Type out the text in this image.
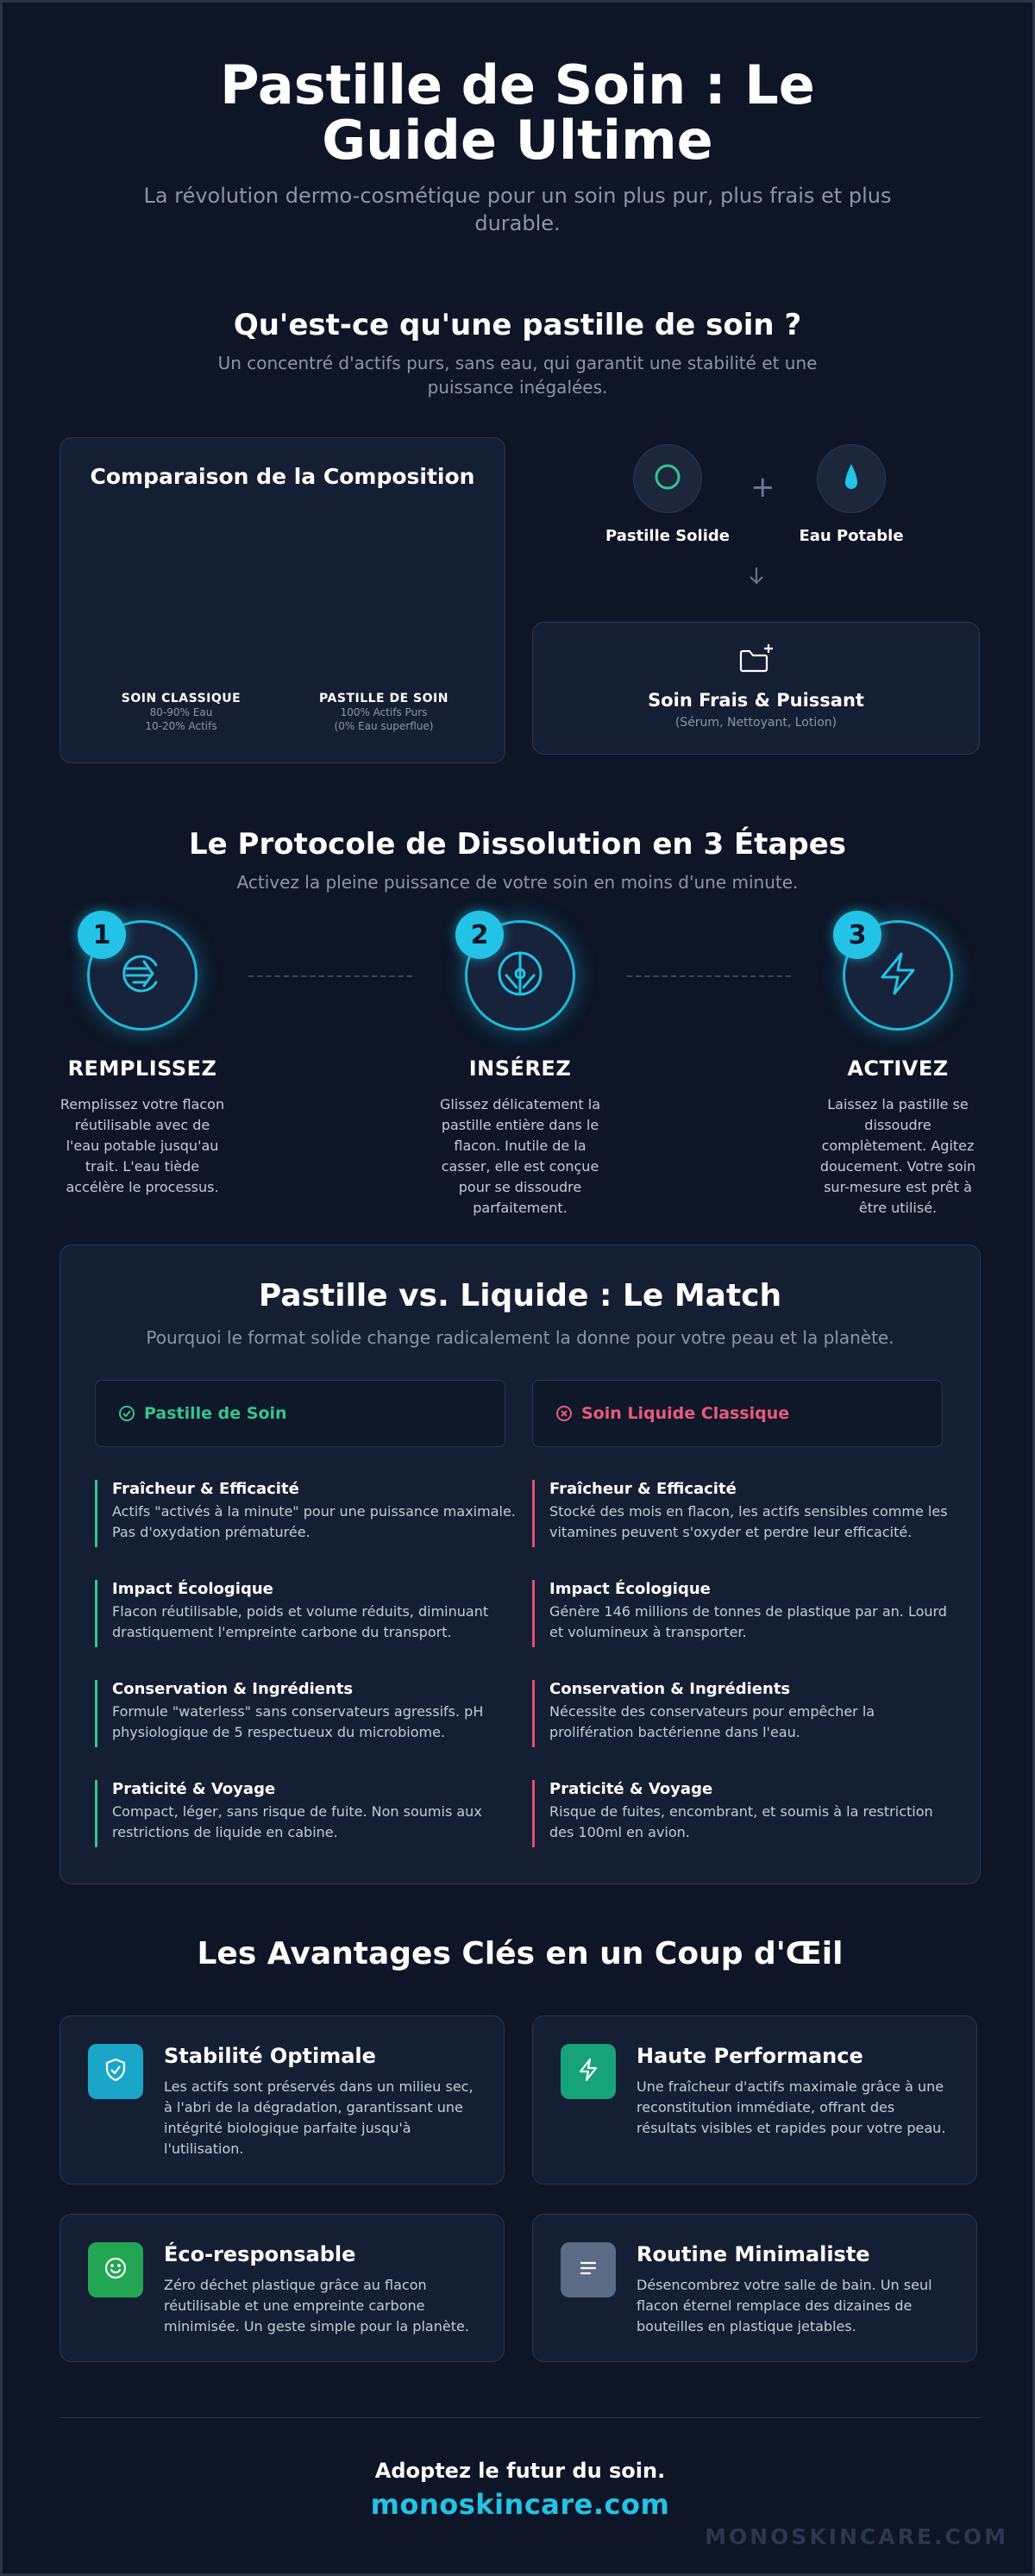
Pastille de Soin : Le Guide Ultime

La révolution dermo-cosmétique pour un soin plus pur, plus frais et plus durable.

Qu'est-ce qu'une pastille de soin ?

Un concentré d'actifs purs, sans eau, qui garantit une stabilité et une puissance inégalées.

Comparaison de la Composition
SOIN CLASSIQUE
80-90% Eau
10-20% Actifs
PASTILLE DE SOIN
100% Actifs Purs
(0% Eau superflue)
Pastille Solide
+
Eau Potable
Soin Frais & Puissant
(Sérum, Nettoyant, Lotion)
Le Protocole de Dissolution en 3 Étapes

Activez la pleine puissance de votre soin en moins d'une minute.

1
REMPLISSEZ
Remplissez votre flacon réutilisable avec de l'eau potable jusqu'au trait. L'eau tiède accélère le processus.
2
INSÉREZ
Glissez délicatement la pastille entière dans le flacon. Inutile de la casser, elle est conçue pour se dissoudre parfaitement.
3
ACTIVEZ
Laissez la pastille se dissoudre complètement. Agitez doucement. Votre soin sur-mesure est prêt à être utilisé.
Pastille vs. Liquide : Le Match

Pourquoi le format solide change radicalement la donne pour votre peau et la planète.

Pastille de Soin	Soin Liquide Classique
Fraîcheur & Efficacité
Actifs "activés à la minute" pour une puissance maximale. Pas d'oxydation prématurée.
Impact Écologique
Flacon réutilisable, poids et volume réduits, diminuant drastiquement l'empreinte carbone du transport.
Conservation & Ingrédients
Formule "waterless" sans conservateurs agressifs. pH physiologique de 5 respectueux du microbiome.
Praticité & Voyage
Compact, léger, sans risque de fuite. Non soumis aux restrictions de liquide en cabine.
Fraîcheur & Efficacité
Stocké des mois en flacon, les actifs sensibles comme les vitamines peuvent s'oxyder et perdre leur efficacité.
Impact Écologique
Génère 146 millions de tonnes de plastique par an. Lourd et volumineux à transporter.
Conservation & Ingrédients
Nécessite des conservateurs pour empêcher la prolifération bactérienne dans l'eau.
Praticité & Voyage
Risque de fuites, encombrant, et soumis à la restriction des 100ml en avion.
Les Avantages Clés en un Coup d'Œil
Stabilité Optimale
Les actifs sont préservés dans un milieu sec, à l'abri de la dégradation, garantissant une intégrité biologique parfaite jusqu'à l'utilisation.
Haute Performance
Une fraîcheur d'actifs maximale grâce à une reconstitution immédiate, offrant des résultats visibles et rapides pour votre peau.
Éco-responsable
Zéro déchet plastique grâce au flacon réutilisable et une empreinte carbone minimisée. Un geste simple pour la planète.
Routine Minimaliste
Désencombrez votre salle de bain. Un seul flacon éternel remplace des dizaines de bouteilles en plastique jetables.
Adoptez le futur du soin.
monoskincare.com
MONOSKINCARE.COM
